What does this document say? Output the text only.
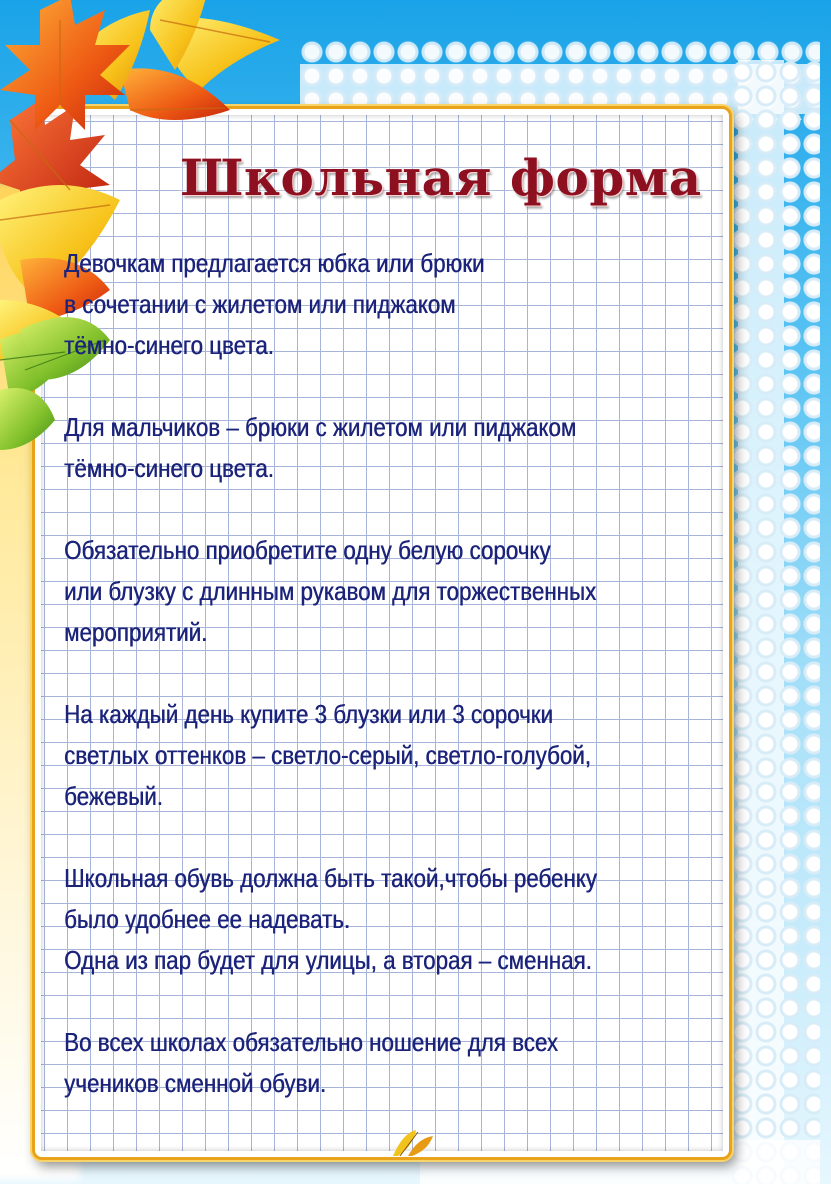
Школьная форма
Девочкам предлагается юбка или брюки
в сочетании с жилетом или пиджаком
тёмно-синего цвета.
Для мальчиков – брюки с жилетом или пиджаком
тёмно-синего цвета.
Обязательно приобретите одну белую сорочку
или блузку с длинным рукавом для торжественных
мероприятий.
На каждый день купите 3 блузки или 3 сорочки
светлых оттенков – светло-серый, светло-голубой,
бежевый.
Школьная обувь должна быть такой,чтобы ребенку
было удобнее ее надевать.
Одна из пар будет для улицы, а вторая – сменная.
Во всех школах обязательно ношение для всех
учеников сменной обуви.
